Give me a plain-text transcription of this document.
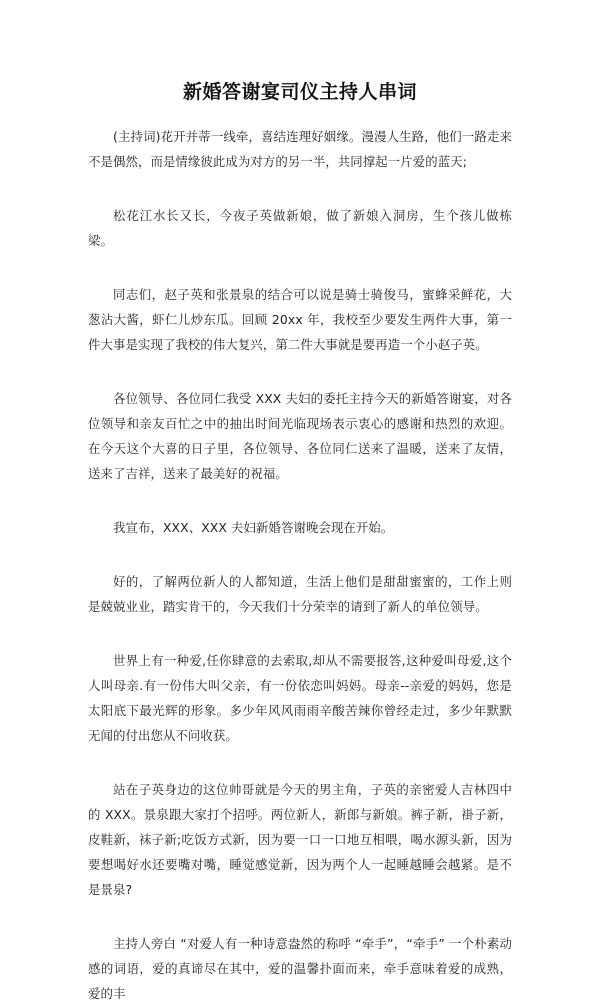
新婚答谢宴司仪主持人串词

(主持词)花开并蒂一线牵，喜结连理好姻缘。漫漫人生路，他们一路走来不是偶然，而是情缘彼此成为对方的另一半，共同撑起一片爱的蓝天;

松花江水长又长，今夜子英做新娘，做了新娘入洞房，生个孩儿做栋梁。

同志们，赵子英和张景泉的结合可以说是骑士骑俊马，蜜蜂采鲜花，大葱沾大酱，虾仁儿炒东瓜。回顾 20xx 年，我校至少要发生两件大事，第一件大事是实现了我校的伟大复兴，第二件大事就是要再造一个小赵子英。

各位领导、各位同仁我受 XXX 夫妇的委托主持今天的新婚答谢宴，对各位领导和亲友百忙之中的抽出时间光临现场表示衷心的感谢和热烈的欢迎。在今天这个大喜的日子里，各位领导、各位同仁送来了温暖，送来了友情，送来了吉祥，送来了最美好的祝福。

我宣布，XXX、XXX 夫妇新婚答谢晚会现在开始。

好的，了解两位新人的人都知道，生活上他们是甜甜蜜蜜的，工作上则是兢兢业业，踏实肯干的，今天我们十分荣幸的请到了新人的单位领导。

世界上有一种爱,任你肆意的去索取,却从不需要报答,这种爱叫母爱,这个人叫母亲.有一份伟大叫父亲，有一份依恋叫妈妈。母亲--亲爱的妈妈，您是太阳底下最光辉的形象。多少年风风雨雨辛酸苦辣你曾经走过，多少年默默无闻的付出您从不问收获。

站在子英身边的这位帅哥就是今天的男主角，子英的亲密爱人吉林四中的 XXX。景泉跟大家打个招呼。两位新人，新郎与新娘。裤子新，褂子新，皮鞋新，袜子新;吃饭方式新，因为要一口一口地互相喂，喝水源头新，因为要想喝好水还要嘴对嘴，睡觉感觉新，因为两个人一起睡越睡会越紧。是不是景泉?

主持人旁白 “对爱人有一种诗意盎然的称呼 “牵手”，“牵手” 一个朴素动感的词语，爱的真谛尽在其中，爱的温馨扑面而来，牵手意味着爱的成熟，爱的丰
